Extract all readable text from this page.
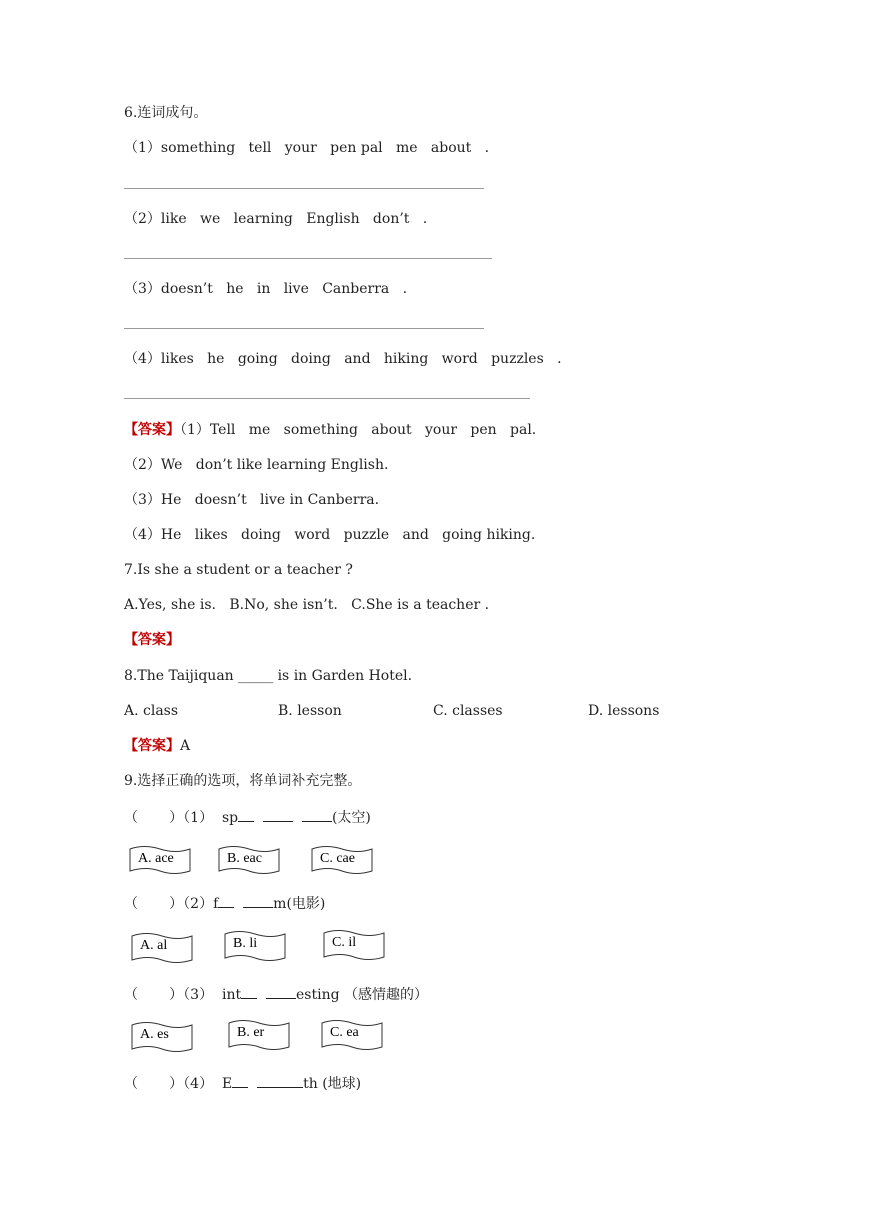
6.连词成句。
（1）something   tell   your   pen pal   me   about   .
（2）like   we   learning   English   don’t   .
（3）doesn’t   he   in   live   Canberra   .
（4）likes   he   going   doing   and   hiking   word   puzzles   .
【答案】（1）Tell   me   something   about   your   pen   pal.
（2）We   don’t like learning English.
（3）He   doesn’t   live in Canberra.
（4）He   likes   doing   word   puzzle   and   going hiking.
7.Is she a student or a teacher ?
A.Yes, she is.   B.No, she isn’t.   C.She is a teacher .
【答案】
8.The Taijiquan _____ is in Garden Hotel.
A. class	B. lesson	C. classes	D. lessons
【答案】A
9.选择正确的选项，将单词补充完整。
（       ）（1）  sp	(太空)
A. ace	B. eac	C. cae
（       ）（2）f	m(电影)
A. al	B. li	C. il
（       ）（3）  int	esting （感情趣的）
A. es	B. er	C. ea
（       ）（4）  E	th (地球)
